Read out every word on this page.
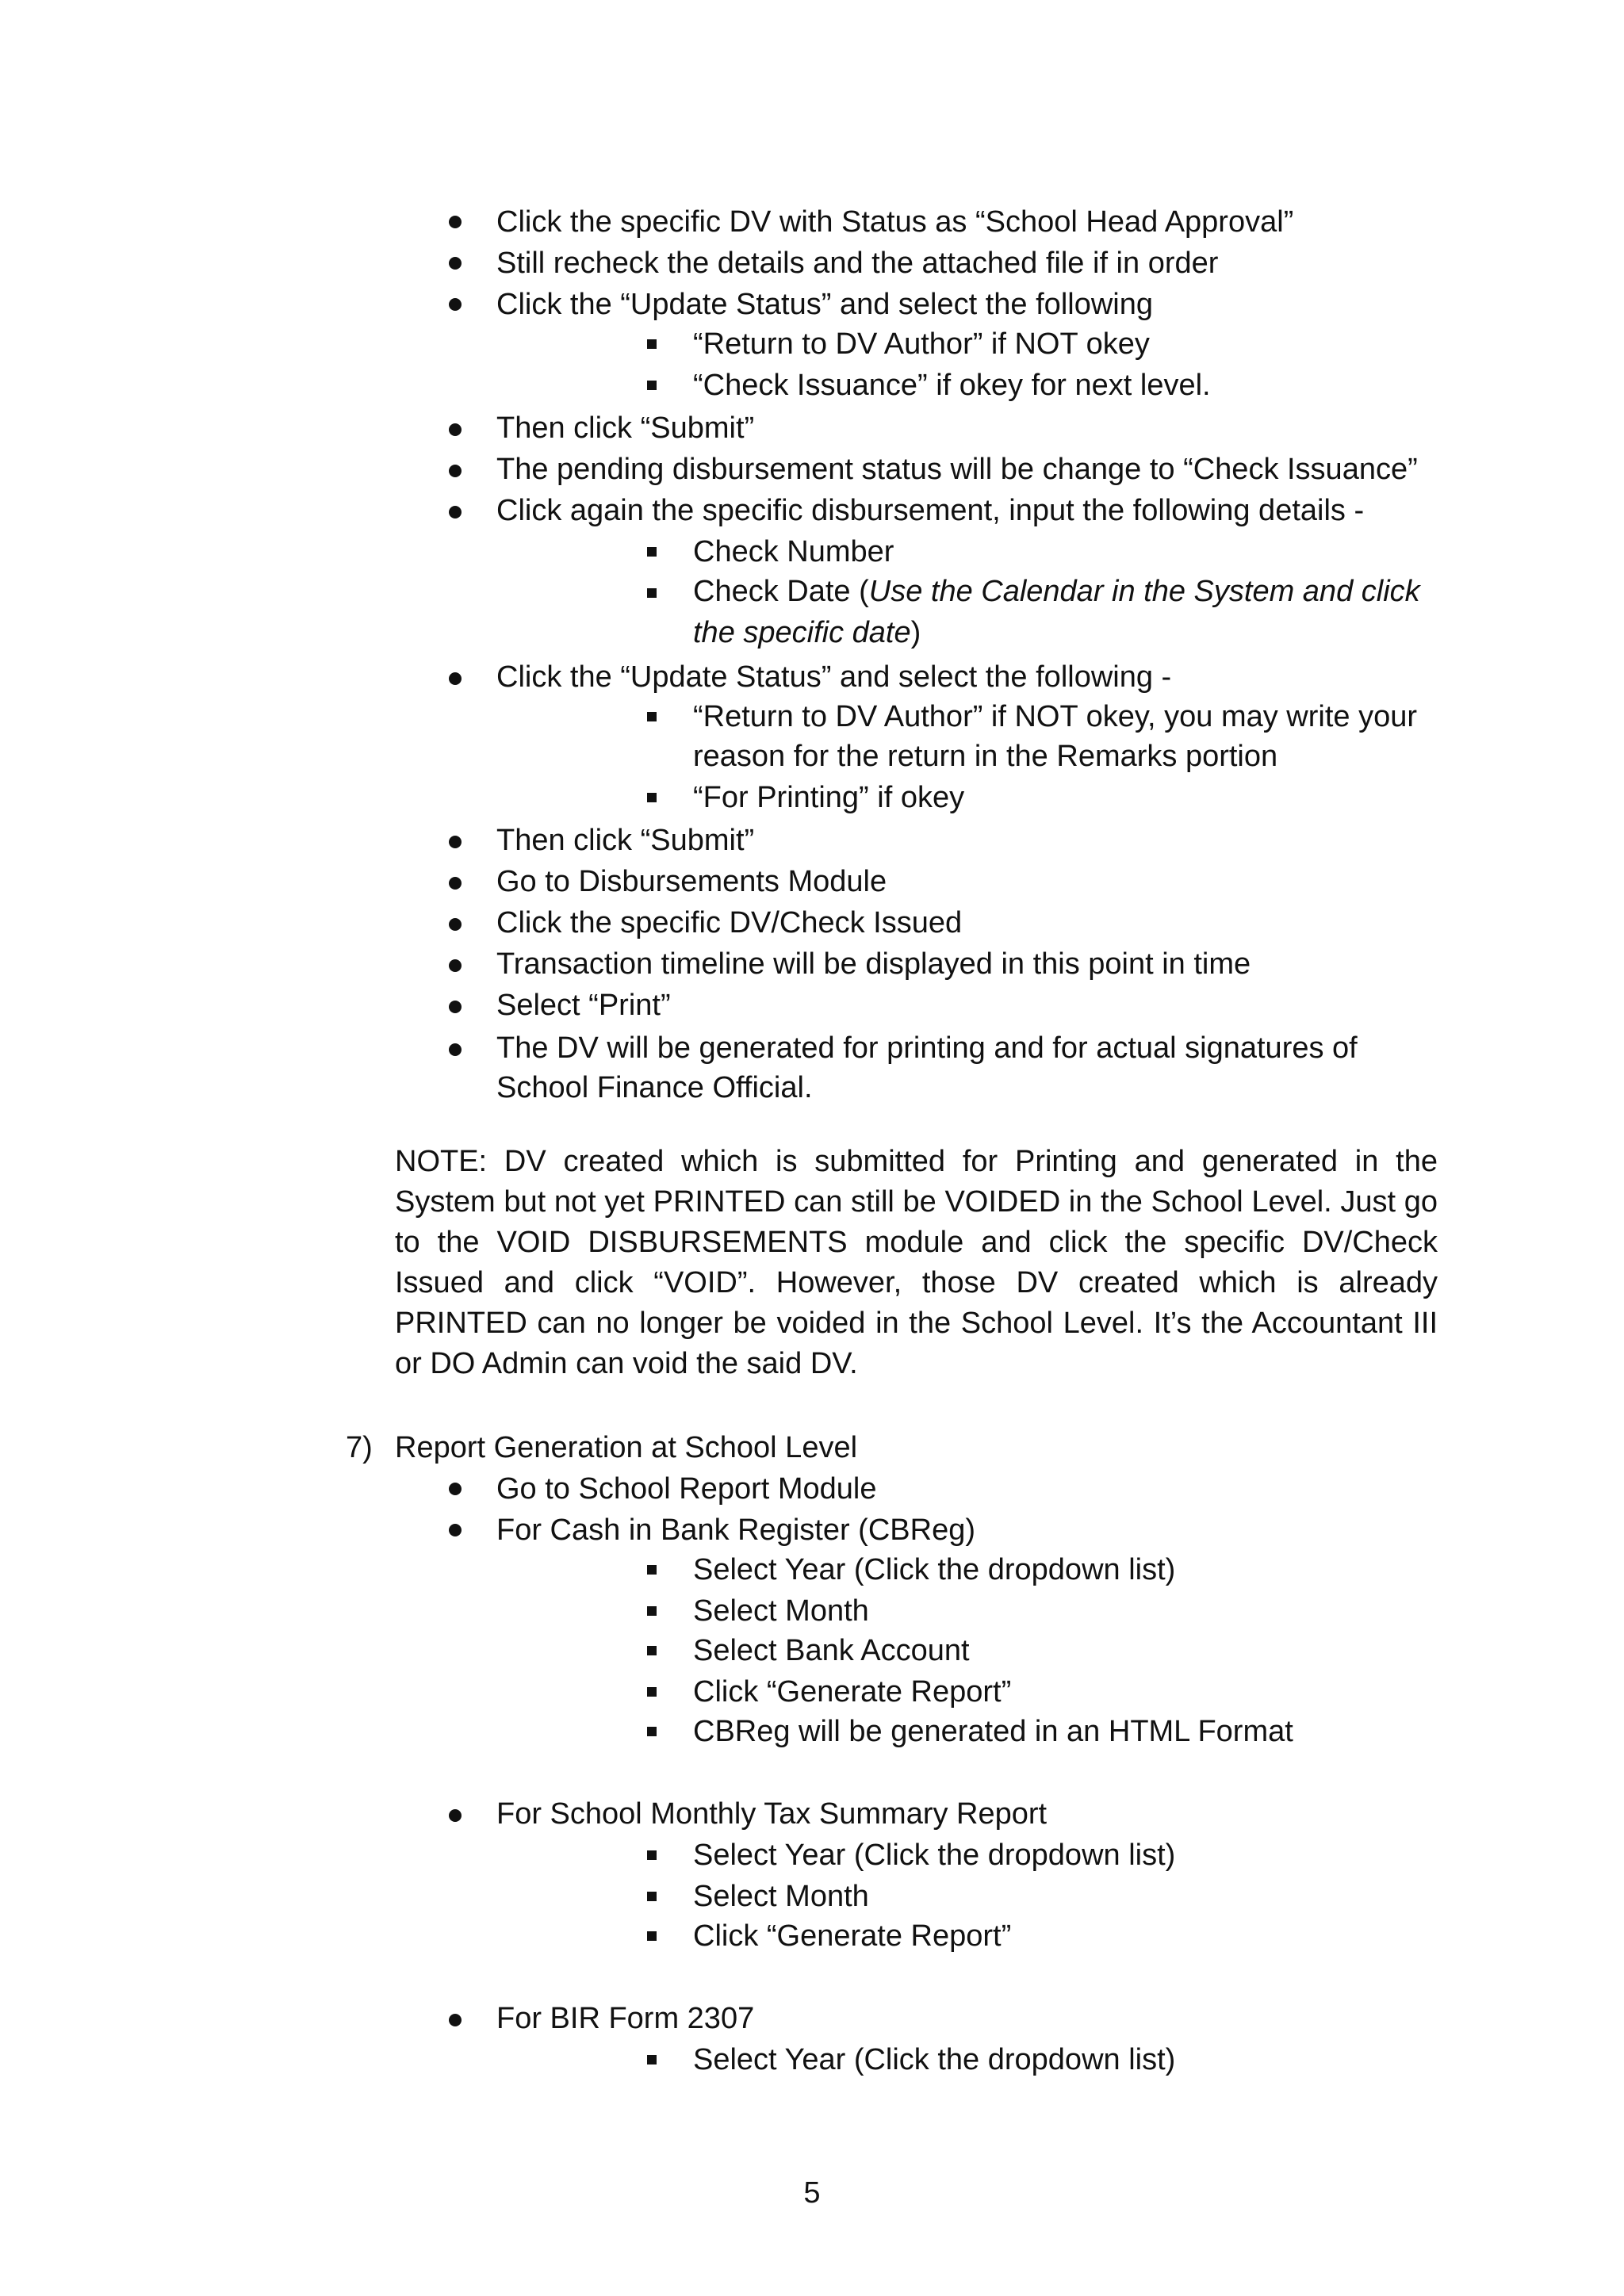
Click the specific DV with Status as “School Head Approval”

Still recheck the details and the attached file if in order

Click the “Update Status” and select the following

“Return to DV Author” if NOT okey

“Check Issuance” if okey for next level.

Then click “Submit”

The pending disbursement status will be change to “Check Issuance”

Click again the specific disbursement, input the following details -

Check Number

Check Date (Use the Calendar in the System and click

the specific date)

Click the “Update Status” and select the following -

“Return to DV Author” if NOT okey, you may write your

reason for the return in the Remarks portion

“For Printing” if okey

Then click “Submit”

Go to Disbursements Module

Click the specific DV/Check Issued

Transaction timeline will be displayed in this point in time

Select “Print”

The DV will be generated for printing and for actual signatures of

School Finance Official.

NOTE: DV created which is submitted for Printing and generated in the System but not yet PRINTED can still be VOIDED in the School Level. Just go to the VOID DISBURSEMENTS module and click the specific DV/Check Issued and click “VOID”. However, those DV created which is already PRINTED can no longer be voided in the School Level. It’s the Accountant III or DO Admin can void the said DV.

7) Report Generation at School Level

Go to School Report Module

For Cash in Bank Register (CBReg)

Select Year (Click the dropdown list)

Select Month

Select Bank Account

Click “Generate Report”

CBReg will be generated in an HTML Format

For School Monthly Tax Summary Report

Select Year (Click the dropdown list)

Select Month

Click “Generate Report”

For BIR Form 2307

Select Year (Click the dropdown list)

5
